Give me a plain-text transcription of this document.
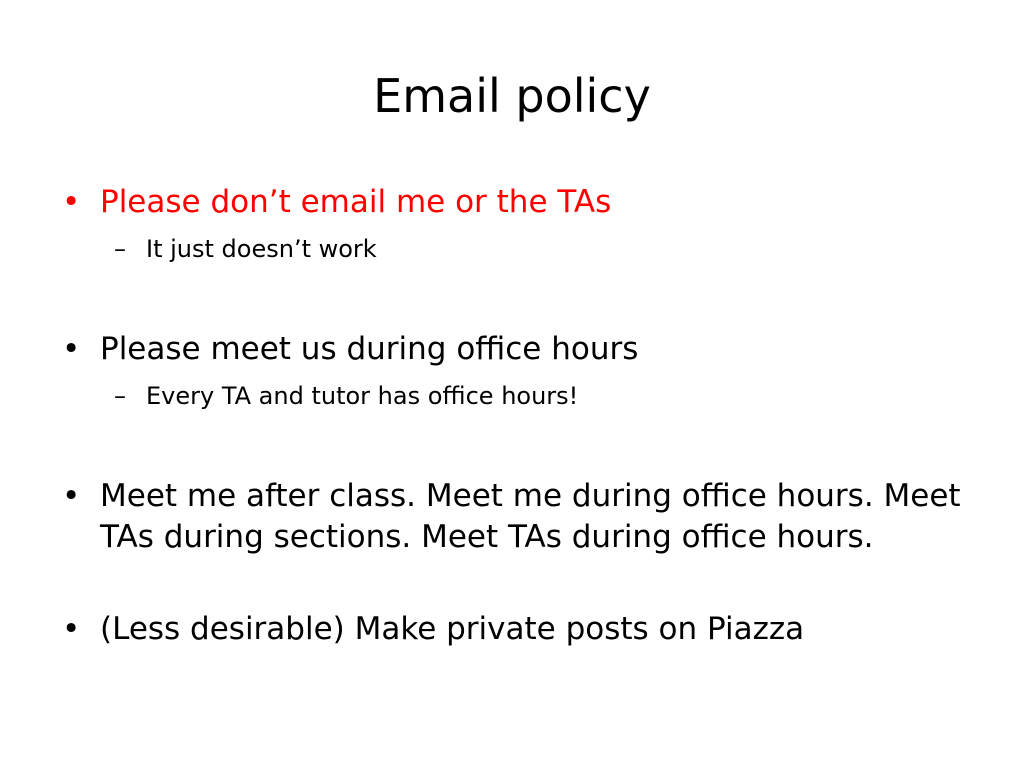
Email policy
• Please don’t email me or the TAs
– It just doesn’t work
• Please meet us during office hours
– Every TA and tutor has office hours!
• Meet me after class. Meet me during office hours. Meet TAs during sections. Meet TAs during office hours.
• (Less desirable) Make private posts on Piazza
